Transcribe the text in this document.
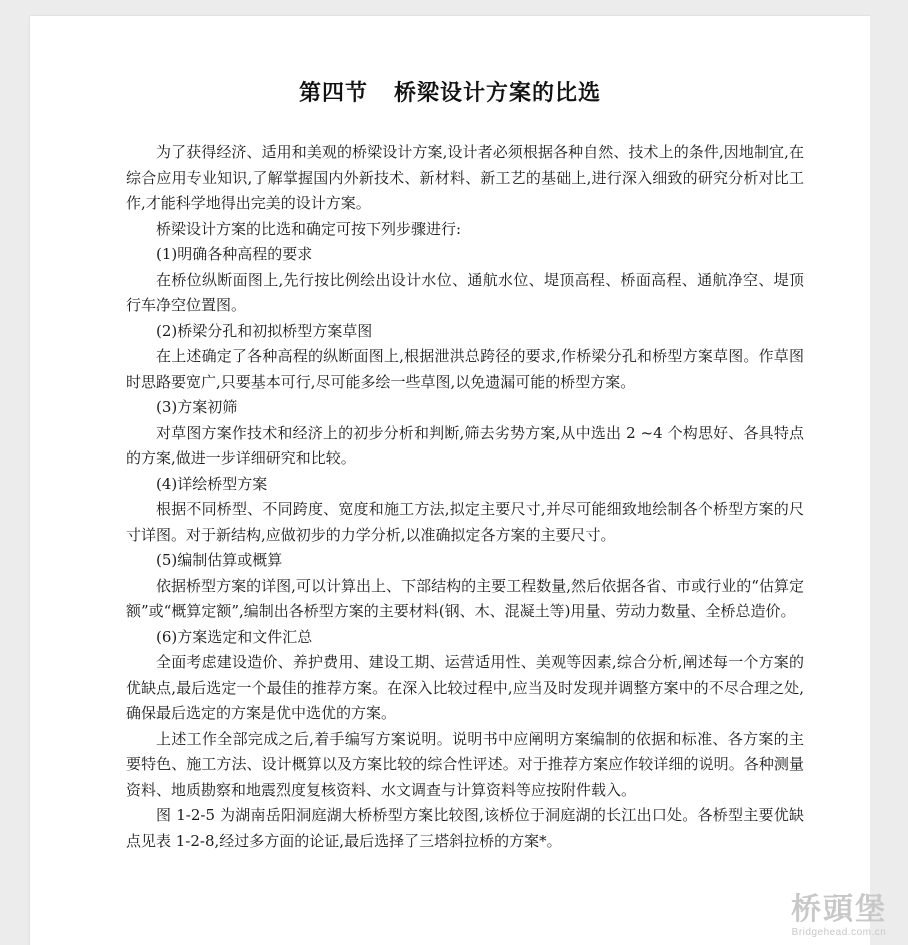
第四节 桥梁设计方案的比选

为了获得经济、适用和美观的桥梁设计方案,设计者必须根据各种自然、技术上的条件,因地制宜,在综合应用专业知识,了解掌握国内外新技术、新材料、新工艺的基础上,进行深入细致的研究分析对比工作,才能科学地得出完美的设计方案。

桥梁设计方案的比选和确定可按下列步骤进行:

(1)明确各种高程的要求

在桥位纵断面图上,先行按比例绘出设计水位、通航水位、堤顶高程、桥面高程、通航净空、堤顶行车净空位置图。

(2)桥梁分孔和初拟桥型方案草图

在上述确定了各种高程的纵断面图上,根据泄洪总跨径的要求,作桥梁分孔和桥型方案草图。作草图时思路要宽广,只要基本可行,尽可能多绘一些草图,以免遗漏可能的桥型方案。

(3)方案初筛

对草图方案作技术和经济上的初步分析和判断,筛去劣势方案,从中选出 2 ~4 个构思好、各具特点的方案,做进一步详细研究和比较。

(4)详绘桥型方案

根据不同桥型、不同跨度、宽度和施工方法,拟定主要尺寸,并尽可能细致地绘制各个桥型方案的尺寸详图。对于新结构,应做初步的力学分析,以准确拟定各方案的主要尺寸。

(5)编制估算或概算

依据桥型方案的详图,可以计算出上、下部结构的主要工程数量,然后依据各省、市或行业的“估算定额”或“概算定额”,编制出各桥型方案的主要材料(钢、木、混凝土等)用量、劳动力数量、全桥总造价。

(6)方案选定和文件汇总

全面考虑建设造价、养护费用、建设工期、运营适用性、美观等因素,综合分析,阐述每一个方案的优缺点,最后选定一个最佳的推荐方案。在深入比较过程中,应当及时发现并调整方案中的不尽合理之处,确保最后选定的方案是优中选优的方案。

上述工作全部完成之后,着手编写方案说明。说明书中应阐明方案编制的依据和标准、各方案的主要特色、施工方法、设计概算以及方案比较的综合性评述。对于推荐方案应作较详细的说明。各种测量资料、地质勘察和地震烈度复核资料、水文调查与计算资料等应按附件载入。

图 1-2-5 为湖南岳阳洞庭湖大桥桥型方案比较图,该桥位于洞庭湖的长江出口处。各桥型主要优缺点见表 1-2-8,经过多方面的论证,最后选择了三塔斜拉桥的方案*。

桥頭堡
Bridgehead.com.cn
